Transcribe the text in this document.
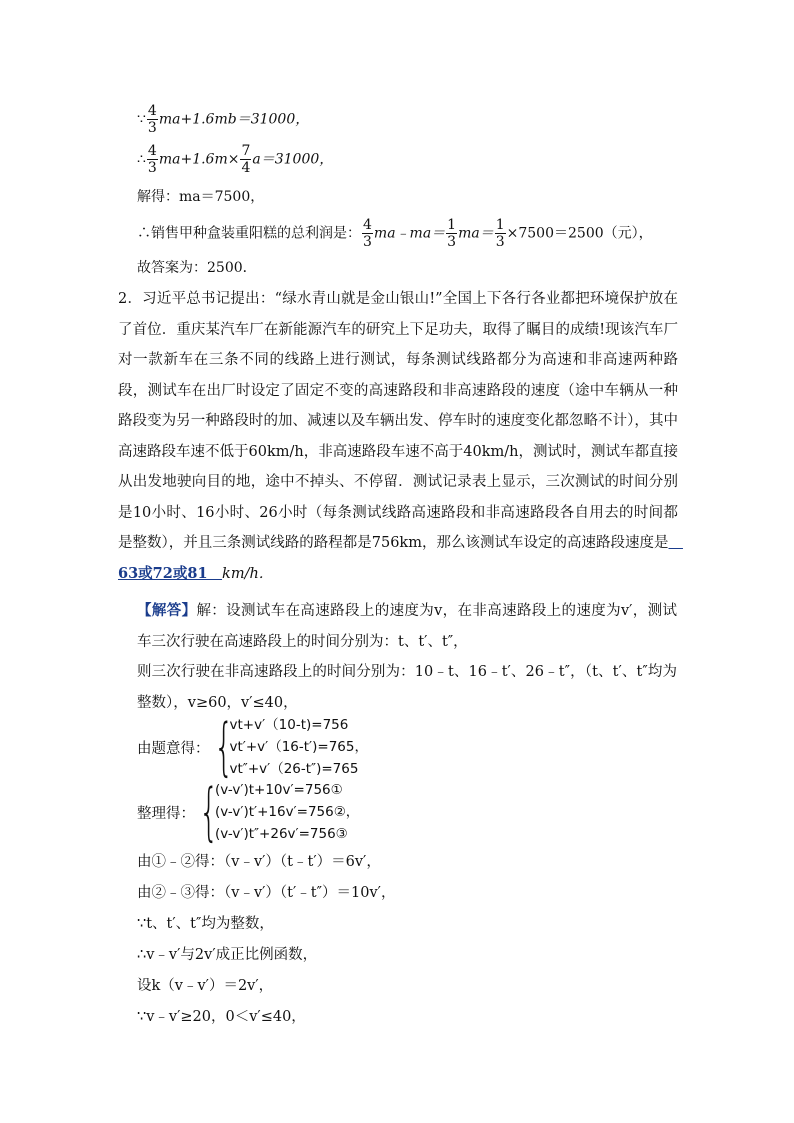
∵ $\frac{4}{3} ma+1.6mb=31000$，
∴ $\frac{4}{3} ma+1.6m\times \frac{7}{4} a=31000$，
解得：ma＝7500，
∴销售甲种盒装重阳糕的总利润是： $\frac{4}{3}$ ma﹣ma＝ $\frac{1}{3} ma= \frac{1}{3} \times 7500=2500$（元），
故答案为：2500．
2．习近平总书记提出：“绿水青山就是金山银山!”全国上下各行各业都把环境保护放在了首位．重庆某汽车厂在新能源汽车的研究上下足功夫，取得了瞩目的成绩!现该汽车厂对一款新车在三条不同的线路上进行测试，每条测试线路都分为高速和非高速两种路段，测试车在出厂时设定了固定不变的高速路段和非高速路段的速度（途中车辆从一种路段变为另一种路段时的加、减速以及车辆出发、停车时的速度变化都忽略不计），其中高速路段车速不低于60km/h，非高速路段车速不高于40km/h，测试时，测试车都直接从出发地驶向目的地，途中不掉头、不停留．测试记录表上显示，三次测试的时间分别是10小时、16小时、26小时（每条测试线路高速路段和非高速路段各自用去的时间都是整数），并且三条测试线路的路程都是756km，那么该测试车设定的高速路段速度是　63或72或81　km/h．
【解答】解：设测试车在高速路段上的速度为v，在非高速路段上的速度为v′，测试车三次行驶在高速路段上的时间分别为：t、t′、t″，
则三次行驶在非高速路段上的时间分别为：10﹣t、16﹣t′、26﹣t″，（t、t′、t″均为整数），v≥60，v′≤40，
由题意得： {
vt+v′（10-t)=756
vt′+v′（16-t′)=765，
vt″+v′（26-t″)=765
整理得： {
(v-v′)t+10v′=756①
(v-v′)t′+16v′=756②，
(v-v′)t″+26v′=756③
由①﹣②得：（v﹣v′）（t﹣t′）＝6v′，
由②﹣③得：（v﹣v′）（t′﹣t″）＝10v′，
∵t、t′、t″均为整数，
∴v﹣v′与2v′成正比例函数，
设k（v﹣v′）＝2v′，
∵v﹣v′≥20，0＜v′≤40，
